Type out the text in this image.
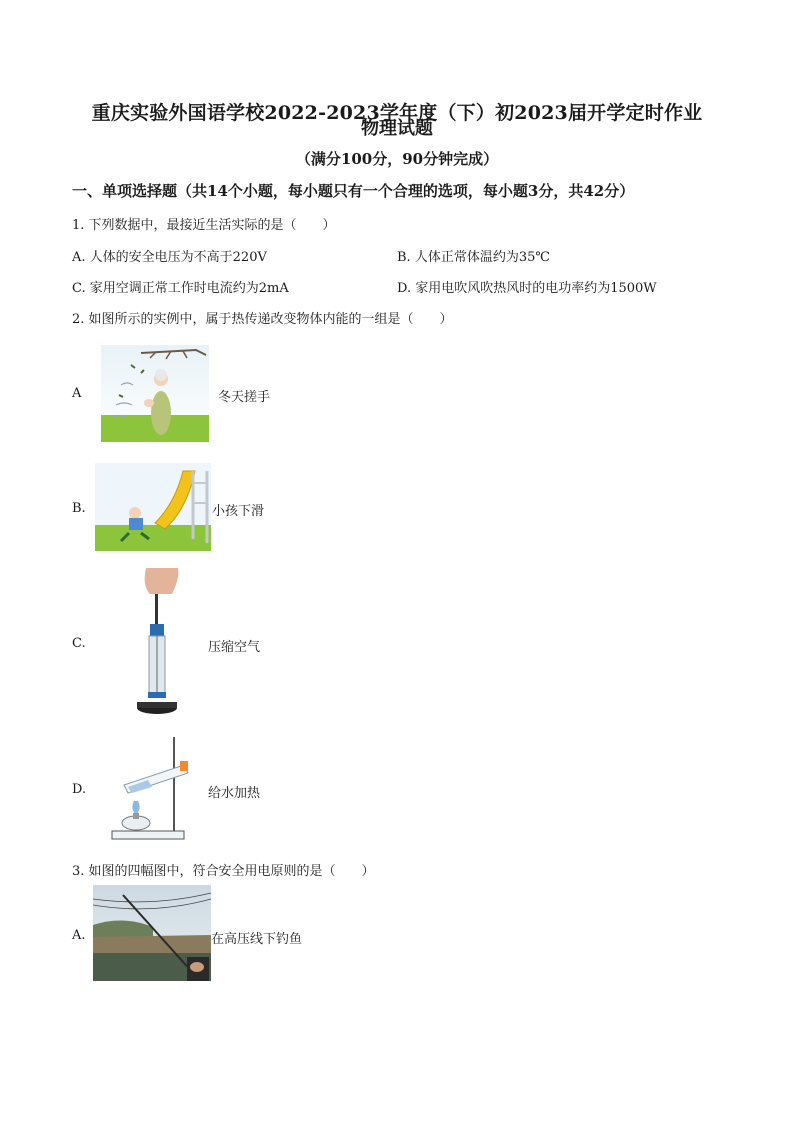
重庆实验外国语学校2022-2023学年度（下）初2023届开学定时作业
物理试题
（满分100分，90分钟完成）
一、单项选择题（共14个小题，每小题只有一个合理的选项，每小题3分，共42分）
1. 下列数据中，最接近生活实际的是（　　）
A. 人体的安全电压为不高于220V	B. 人体正常体温约为35℃
C. 家用空调正常工作时电流约为2mA	D. 家用电吹风吹热风时的电功率约为1500W
2. 如图所示的实例中，属于热传递改变物体内能的一组是（　　）
A	冬天搓手
B.	小孩下滑
C.	压缩空气
D.	给水加热
3. 如图的四幅图中，符合安全用电原则的是（　　）
A.	在高压线下钓鱼
